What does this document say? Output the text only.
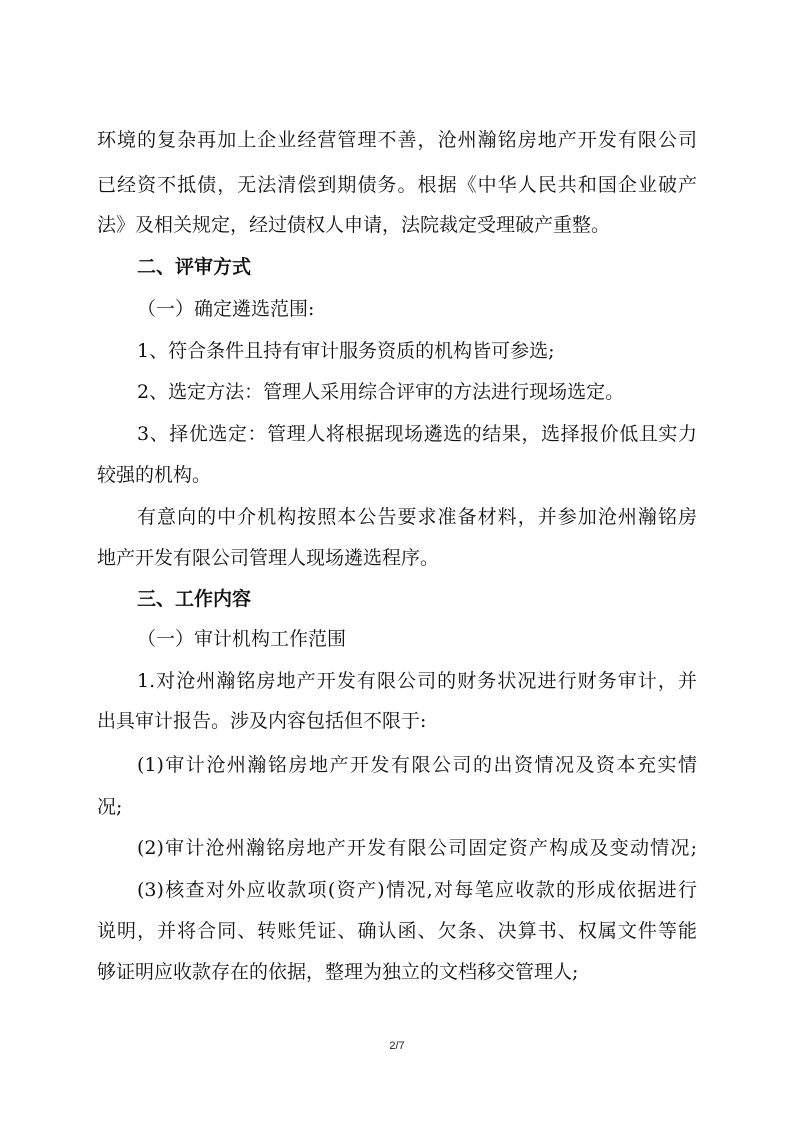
环境的复杂再加上企业经营管理不善，沧州瀚铭房地产开发有限公司
已经资不抵债，无法清偿到期债务。根据《中华人民共和国企业破产
法》及相关规定，经过债权人申请，法院裁定受理破产重整。
二、评审方式
（一）确定遴选范围:
1、符合条件且持有审计服务资质的机构皆可参选;
2、选定方法：管理人采用综合评审的方法进行现场选定。
3、择优选定：管理人将根据现场遴选的结果，选择报价低且实力
较强的机构。
有意向的中介机构按照本公告要求准备材料，并参加沧州瀚铭房
地产开发有限公司管理人现场遴选程序。
三、工作内容
（一）审计机构工作范围
1.对沧州瀚铭房地产开发有限公司的财务状况进行财务审计，并
出具审计报告。涉及内容包括但不限于:
(1)审计沧州瀚铭房地产开发有限公司的出资情况及资本充实情
况;
(2)审计沧州瀚铭房地产开发有限公司固定资产构成及变动情况;
(3)核查对外应收款项(资产)情况,对每笔应收款的形成依据进行
说明，并将合同、转账凭证、确认函、欠条、决算书、权属文件等能
够证明应收款存在的依据，整理为独立的文档移交管理人;
2/7
